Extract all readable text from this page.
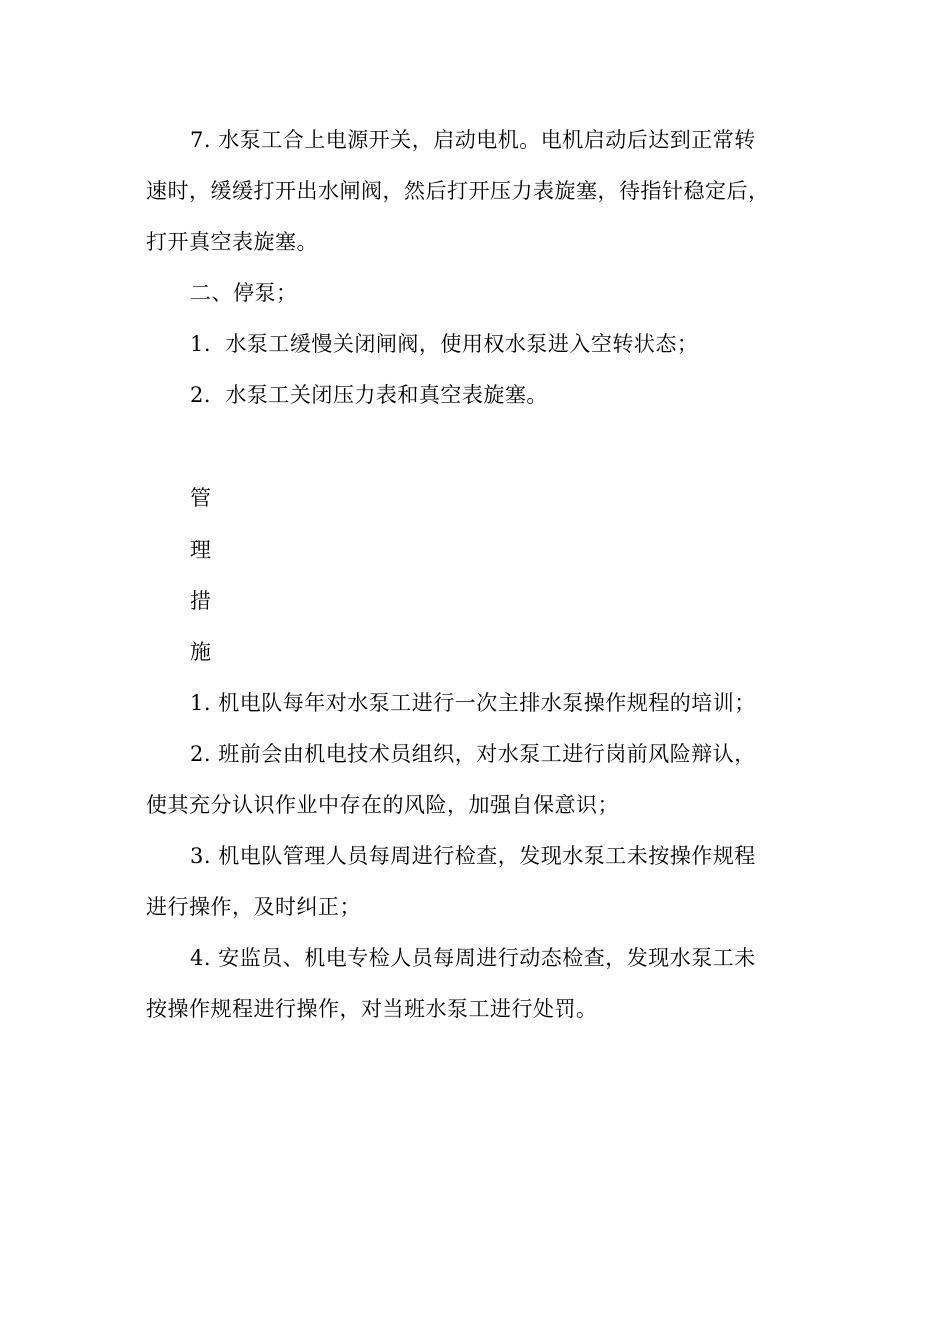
7. 水泵工合上电源开关，启动电机。电机启动后达到正常转
速时，缓缓打开出水闸阀，然后打开压力表旋塞，待指针稳定后，
打开真空表旋塞。
二、停泵；
1．水泵工缓慢关闭闸阀，使用权水泵进入空转状态；
2．水泵工关闭压力表和真空表旋塞。
管
理
措
施
1. 机电队每年对水泵工进行一次主排水泵操作规程的培训；
2. 班前会由机电技术员组织，对水泵工进行岗前风险辩认，
使其充分认识作业中存在的风险，加强自保意识；
3. 机电队管理人员每周进行检查，发现水泵工未按操作规程
进行操作，及时纠正；
4. 安监员、机电专检人员每周进行动态检查，发现水泵工未
按操作规程进行操作，对当班水泵工进行处罚。
